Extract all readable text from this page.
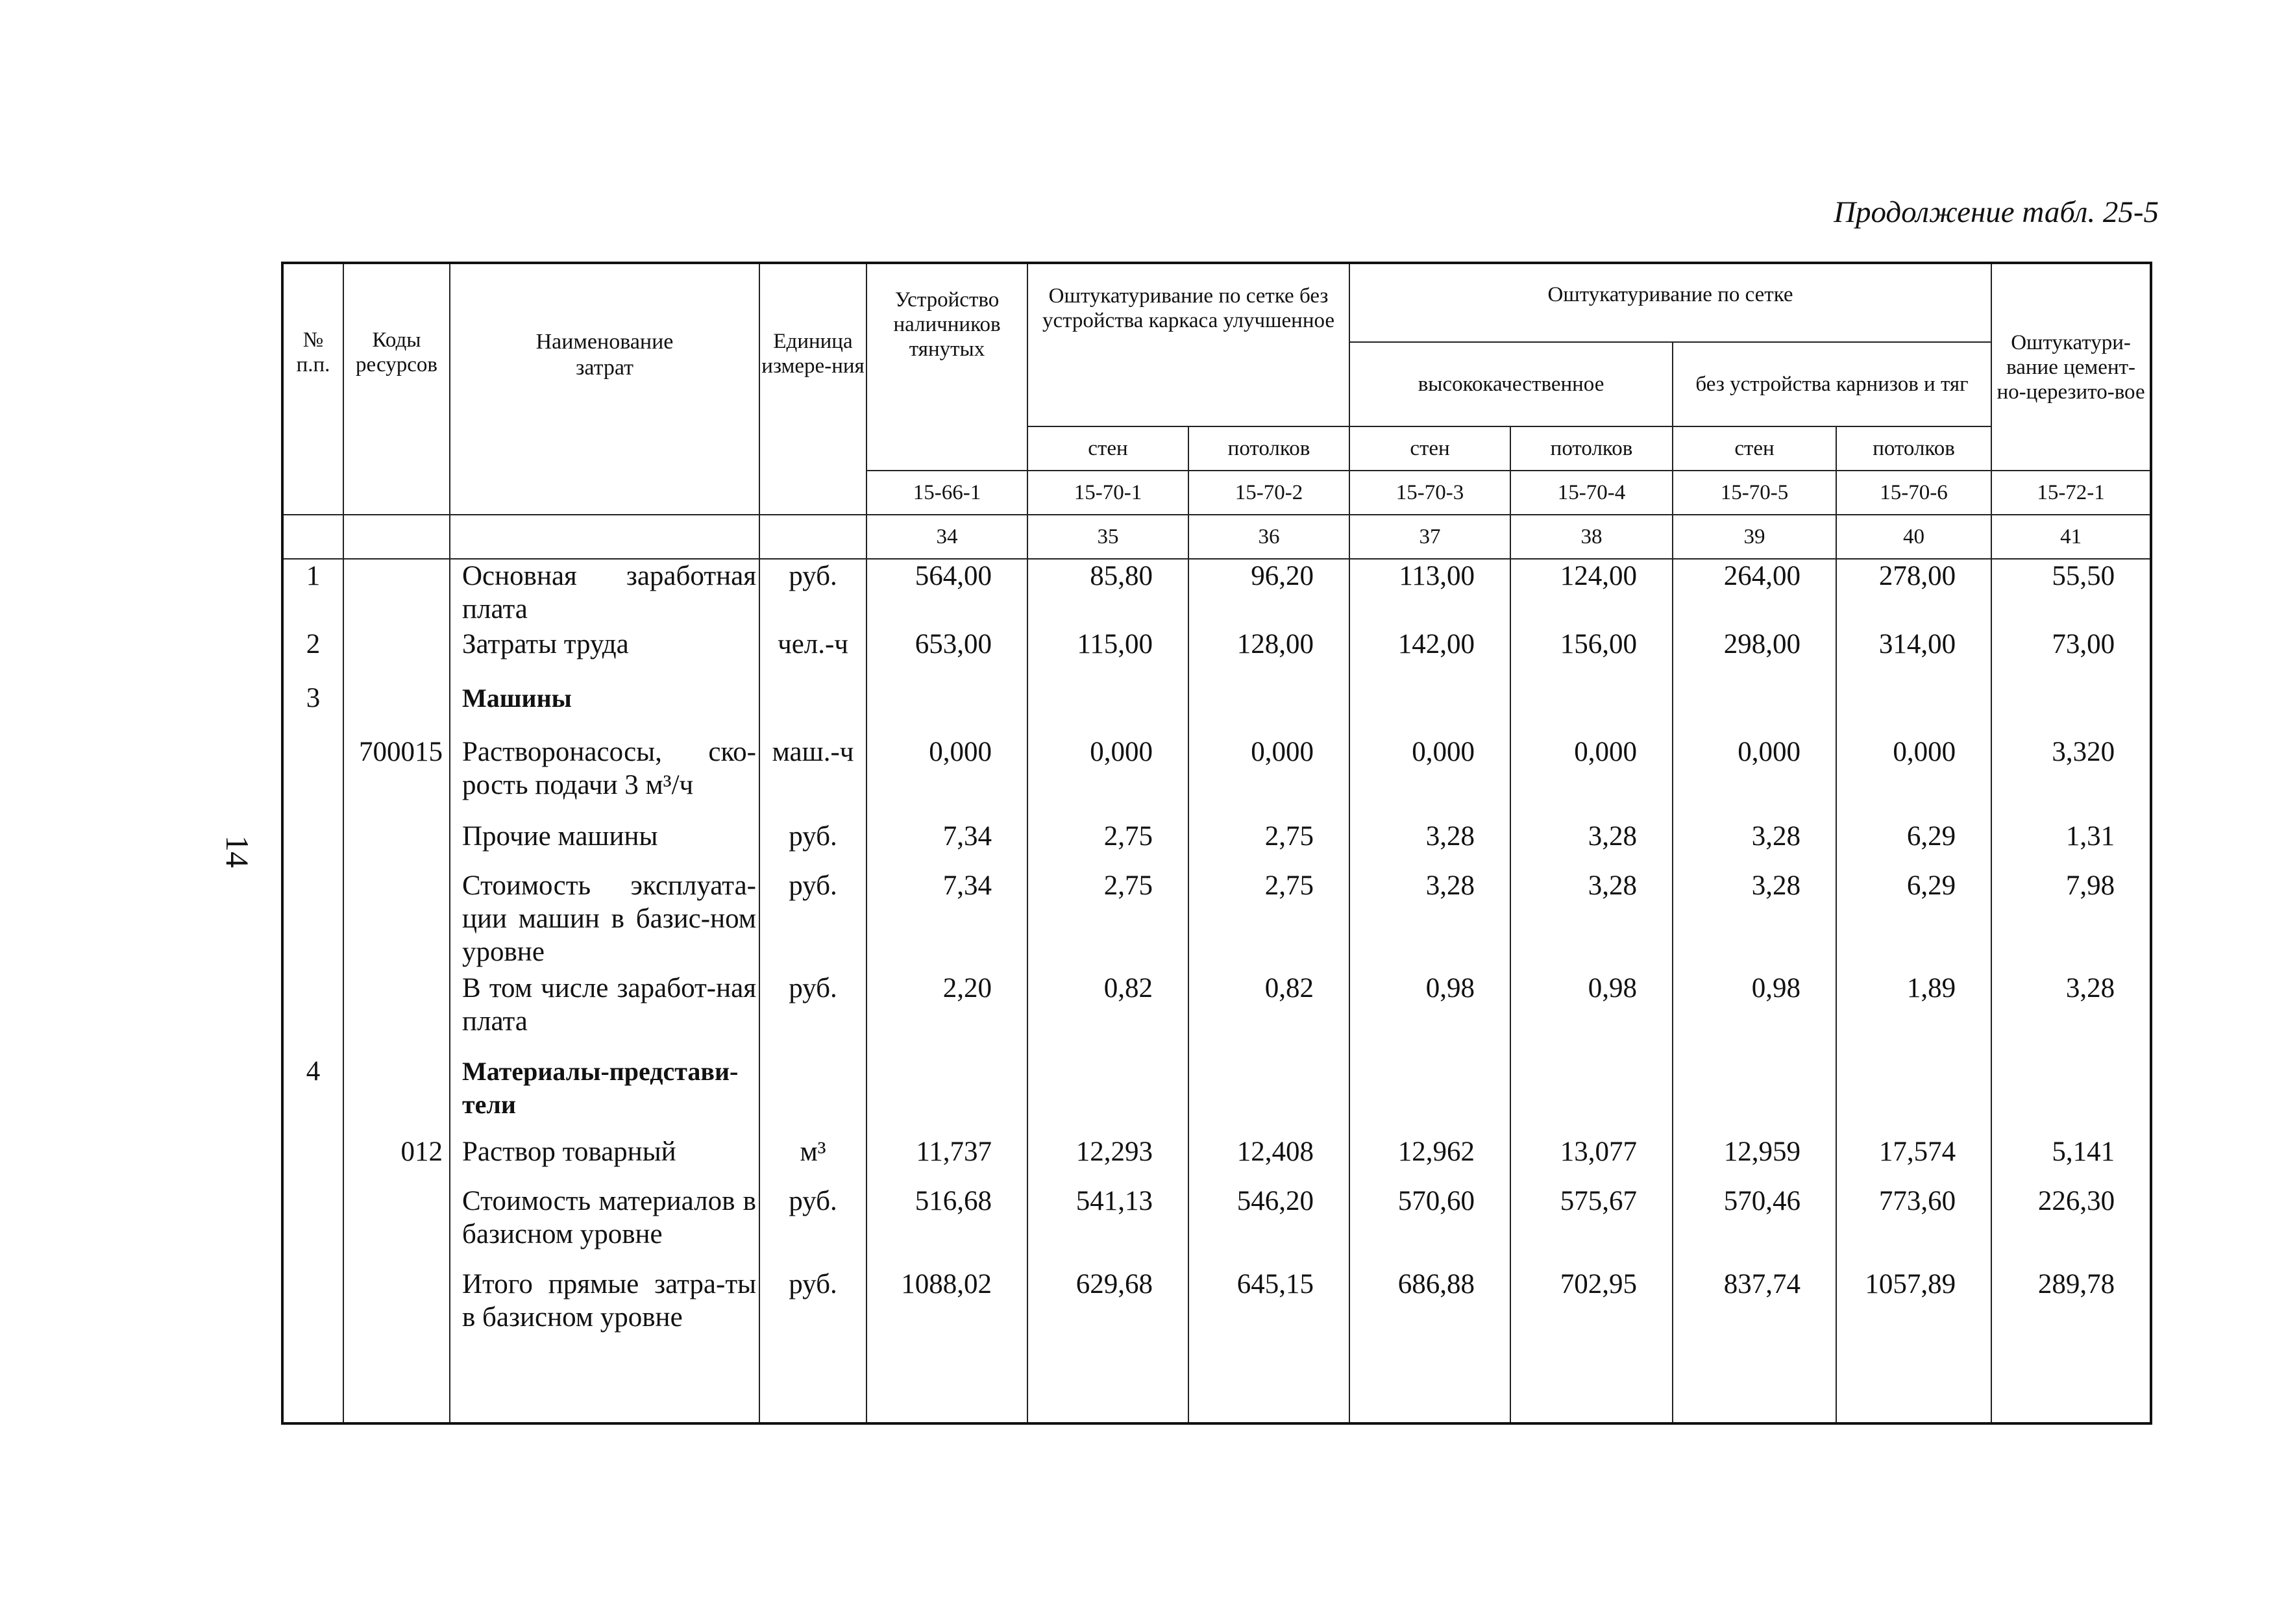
14
Продолжение табл. 25-5
№ п.п.	Коды ресурсов	Наименование затрат	Единица измере-ния	Устройство наличников тянутых	Оштукатуривание по сетке без устройства каркаса улучшенное		Оштукатуривание по сетке				Оштукатури-вание цемент-но-церезито-вое
							высококачественное		без устройства карнизов и тяг		
					стен	потолков	стен	потолков	стен	потолков	
				15-66-1	15-70-1	15-70-2	15-70-3	15-70-4	15-70-5	15-70-6	15-72-1
				34	35	36	37	38	39	40	41
1		Основная заработная плата	руб.	564,00	85,80	96,20	113,00	124,00	264,00	278,00	55,50
2		Затраты труда	чел.-ч	653,00	115,00	128,00	142,00	156,00	298,00	314,00	73,00
3		Машины									
	700015	Растворонасосы, ско-рость подачи 3 м³/ч	маш.-ч	0,000	0,000	0,000	0,000	0,000	0,000	0,000	3,320
		Прочие машины	руб.	7,34	2,75	2,75	3,28	3,28	3,28	6,29	1,31
		Стоимость эксплуата-ции машин в базис-ном уровне	руб.	7,34	2,75	2,75	3,28	3,28	3,28	6,29	7,98
		В том числе заработ-ная плата	руб.	2,20	0,82	0,82	0,98	0,98	0,98	1,89	3,28
4		Материалы-представи-тели									
	012	Раствор товарный	м³	11,737	12,293	12,408	12,962	13,077	12,959	17,574	5,141
		Стоимость материалов в базисном уровне	руб.	516,68	541,13	546,20	570,60	575,67	570,46	773,60	226,30
		Итого прямые затра-ты в базисном уровне	руб.	1088,02	629,68	645,15	686,88	702,95	837,74	1057,89	289,78
